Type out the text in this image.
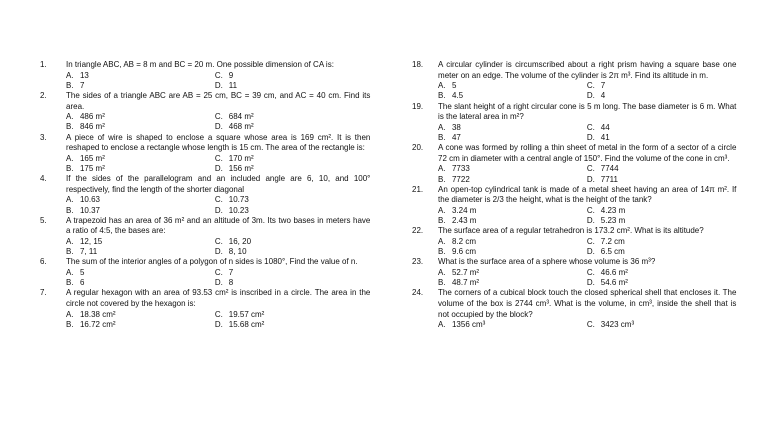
1.	In triangle ABC, AB = 8 m and BC = 20 m. One possible dimension of CA is:
A. 13	C. 9
B. 7	D. 11
2.	The sides of a triangle ABC are AB = 25 cm, BC = 39 cm, and AC = 40 cm. Find its area.
A. 486 m²	C. 684 m²
B. 846 m²	D. 468 m²
3.	A piece of wire is shaped to enclose a square whose area is 169 cm². It is then reshaped to enclose a rectangle whose length is 15 cm. The area of the rectangle is:
A. 165 m²	C. 170 m²
B. 175 m²	D. 156 m²
4.	If the sides of the parallelogram and an included angle are 6, 10, and 100° respectively, find the length of the shorter diagonal
A. 10.63	C. 10.73
B. 10.37	D. 10.23
5.	A trapezoid has an area of 36 m² and an altitude of 3m. Its two bases in meters have a ratio of 4:5, the bases are:
A. 12, 15	C. 16, 20
B. 7, 11	D. 8, 10
6.	The sum of the interior angles of a polygon of n sides is 1080°, Find the value of n.
A. 5	C. 7
B. 6	D. 8
7.	A regular hexagon with an area of 93.53 cm² is inscribed in a circle. The area in the circle not covered by the hexagon is:
A. 18.38 cm²	C. 19.57 cm²
B. 16.72 cm²	D. 15.68 cm²
18.	A circular cylinder is circumscribed about a right prism having a square base one meter on an edge. The volume of the cylinder is 2π m³. Find its altitude in m.
A. 5	C. 7
B. 4.5	D. 4
19.	The slant height of a right circular cone is 5 m long. The base diameter is 6 m. What is the lateral area in m²?
A. 38	C. 44
B. 47	D. 41
20.	A cone was formed by rolling a thin sheet of metal in the form of a sector of a circle 72 cm in diameter with a central angle of 150°. Find the volume of the cone in cm³.
A. 7733	C. 7744
B. 7722	D. 7711
21.	An open-top cylindrical tank is made of a metal sheet having an area of 14π m². If the diameter is 2/3 the height, what is the height of the tank?
A. 3.24 m	C. 4.23 m
B. 2.43 m	D. 5.23 m
22.	The surface area of a regular tetrahedron is 173.2 cm². What is its altitude?
A. 8.2 cm	C. 7.2 cm
B. 9.6 cm	D. 6.5 cm
23.	What is the surface area of a sphere whose volume is 36 m³?
A. 52.7 m²	C. 46.6 m²
B. 48.7 m²	D. 54.6 m²
24.	The corners of a cubical block touch the closed spherical shell that encloses it. The volume of the box is 2744 cm³. What is the volume, in cm³, inside the shell that is not occupied by the block?
A. 1356 cm³	C. 3423 cm³
